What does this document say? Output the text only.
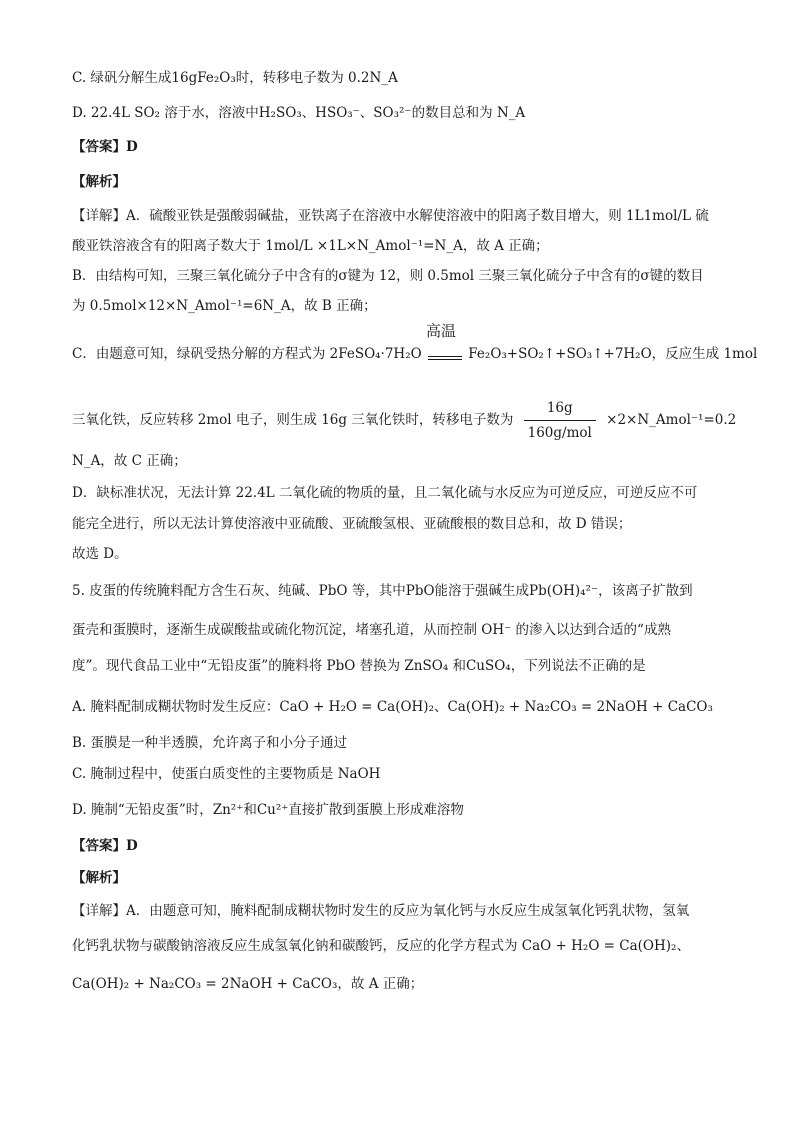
C. 绿矾分解生成16gFe₂O₃时，转移电子数为 0.2N_A
D. 22.4L SO₂ 溶于水，溶液中H₂SO₃、HSO₃⁻、SO₃²⁻的数目总和为 N_A
【答案】D
【解析】
【详解】A．硫酸亚铁是强酸弱碱盐，亚铁离子在溶液中水解使溶液中的阳离子数目增大，则 1L1mol/L 硫
酸亚铁溶液含有的阳离子数大于 1mol/L ×1L×N_Amol⁻¹=N_A，故 A 正确；
B．由结构可知，三聚三氧化硫分子中含有的σ键为 12，则 0.5mol 三聚三氧化硫分子中含有的σ键的数目
为 0.5mol×12×N_Amol⁻¹=6N_A，故 B 正确；
C．由题意可知，绿矾受热分解的方程式为 2FeSO₄·7H₂O
高温
Fe₂O₃+SO₂↑+SO₃↑+7H₂O，反应生成 1mol
三氧化铁，反应转移 2mol 电子，则生成 16g 三氧化铁时，转移电子数为 $\frac{16g}{\text{160g/mol}}$ ×2×N_Amol⁻¹=0.2
N_A，故 C 正确；
D．缺标准状况，无法计算 22.4L 二氧化硫的物质的量，且二氧化硫与水反应为可逆反应，可逆反应不可
能完全进行，所以无法计算使溶液中亚硫酸、亚硫酸氢根、亚硫酸根的数目总和，故 D 错误；
故选 D。
5. 皮蛋的传统腌料配方含生石灰、纯碱、PbO 等，其中PbO能溶于强碱生成Pb(OH)₄²⁻，该离子扩散到
蛋壳和蛋膜时，逐渐生成碳酸盐或硫化物沉淀，堵塞孔道，从而控制 OH⁻ 的渗入以达到合适的“成熟
度”。现代食品工业中“无铅皮蛋”的腌料将 PbO 替换为 ZnSO₄ 和CuSO₄，下列说法不正确的是
A. 腌料配制成糊状物时发生反应：CaO + H₂O = Ca(OH)₂、Ca(OH)₂ + Na₂CO₃ = 2NaOH + CaCO₃
B. 蛋膜是一种半透膜，允许离子和小分子通过
C. 腌制过程中，使蛋白质变性的主要物质是 NaOH
D. 腌制“无铅皮蛋”时，Zn²⁺和Cu²⁺直接扩散到蛋膜上形成难溶物
【答案】D
【解析】
【详解】A．由题意可知，腌料配制成糊状物时发生的反应为氧化钙与水反应生成氢氧化钙乳状物，氢氧
化钙乳状物与碳酸钠溶液反应生成氢氧化钠和碳酸钙，反应的化学方程式为 CaO + H₂O = Ca(OH)₂、
Ca(OH)₂ + Na₂CO₃ = 2NaOH + CaCO₃，故 A 正确；
